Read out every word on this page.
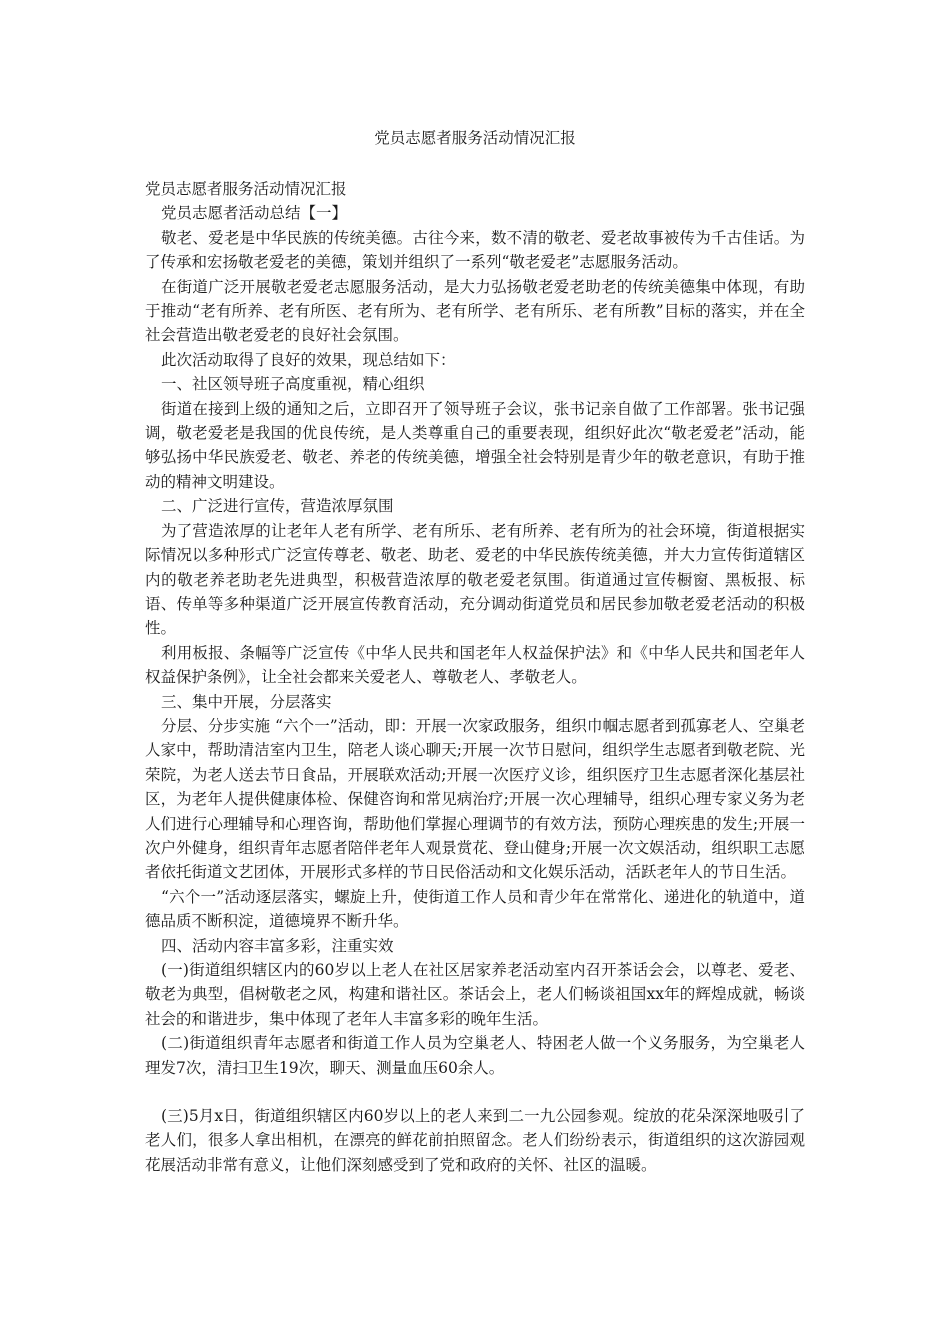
党员志愿者服务活动情况汇报

党员志愿者服务活动情况汇报

党员志愿者活动总结【一】

敬老、爱老是中华民族的传统美德。古往今来，数不清的敬老、爱老故事被传为千古佳话。为了传承和宏扬敬老爱老的美德，策划并组织了一系列“敬老爱老”志愿服务活动。

在街道广泛开展敬老爱老志愿服务活动，是大力弘扬敬老爱老助老的传统美德集中体现，有助于推动“老有所养、老有所医、老有所为、老有所学、老有所乐、老有所教”目标的落实，并在全社会营造出敬老爱老的良好社会氛围。

此次活动取得了良好的效果，现总结如下：

一、社区领导班子高度重视，精心组织

街道在接到上级的通知之后，立即召开了领导班子会议，张书记亲自做了工作部署。张书记强调，敬老爱老是我国的优良传统，是人类尊重自己的重要表现，组织好此次“敬老爱老”活动，能够弘扬中华民族爱老、敬老、养老的传统美德，增强全社会特别是青少年的敬老意识，有助于推动的精神文明建设。

二、广泛进行宣传，营造浓厚氛围

为了营造浓厚的让老年人老有所学、老有所乐、老有所养、老有所为的社会环境，街道根据实际情况以多种形式广泛宣传尊老、敬老、助老、爱老的中华民族传统美德，并大力宣传街道辖区内的敬老养老助老先进典型，积极营造浓厚的敬老爱老氛围。街道通过宣传橱窗、黑板报、标语、传单等多种渠道广泛开展宣传教育活动，充分调动街道党员和居民参加敬老爱老活动的积极性。

利用板报、条幅等广泛宣传《中华人民共和国老年人权益保护法》和《中华人民共和国老年人权益保护条例》，让全社会都来关爱老人、尊敬老人、孝敬老人。

三、集中开展，分层落实

分层、分步实施 “六个一”活动，即：开展一次家政服务，组织巾帼志愿者到孤寡老人、空巢老人家中，帮助清洁室内卫生，陪老人谈心聊天;开展一次节日慰问，组织学生志愿者到敬老院、光荣院，为老人送去节日食品，开展联欢活动;开展一次医疗义诊，组织医疗卫生志愿者深化基层社区，为老年人提供健康体检、保健咨询和常见病治疗;开展一次心理辅导，组织心理专家义务为老人们进行心理辅导和心理咨询，帮助他们掌握心理调节的有效方法，预防心理疾患的发生;开展一次户外健身，组织青年志愿者陪伴老年人观景赏花、登山健身;开展一次文娱活动，组织职工志愿者依托街道文艺团体，开展形式多样的节日民俗活动和文化娱乐活动，活跃老年人的节日生活。

“六个一”活动逐层落实，螺旋上升，使街道工作人员和青少年在常常化、递进化的轨道中，道德品质不断积淀，道德境界不断升华。

四、活动内容丰富多彩，注重实效

(一)街道组织辖区内的60岁以上老人在社区居家养老活动室内召开茶话会会，以尊老、爱老、敬老为典型，倡树敬老之风，构建和谐社区。茶话会上，老人们畅谈祖国xx年的辉煌成就，畅谈社会的和谐进步，集中体现了老年人丰富多彩的晚年生活。

(二)街道组织青年志愿者和街道工作人员为空巢老人、特困老人做一个义务服务，为空巢老人理发7次，清扫卫生19次，聊天、测量血压60余人。

(三)5月x日，街道组织辖区内60岁以上的老人来到二一九公园参观。绽放的花朵深深地吸引了老人们，很多人拿出相机，在漂亮的鲜花前拍照留念。老人们纷纷表示，街道组织的这次游园观花展活动非常有意义，让他们深刻感受到了党和政府的关怀、社区的温暖。
